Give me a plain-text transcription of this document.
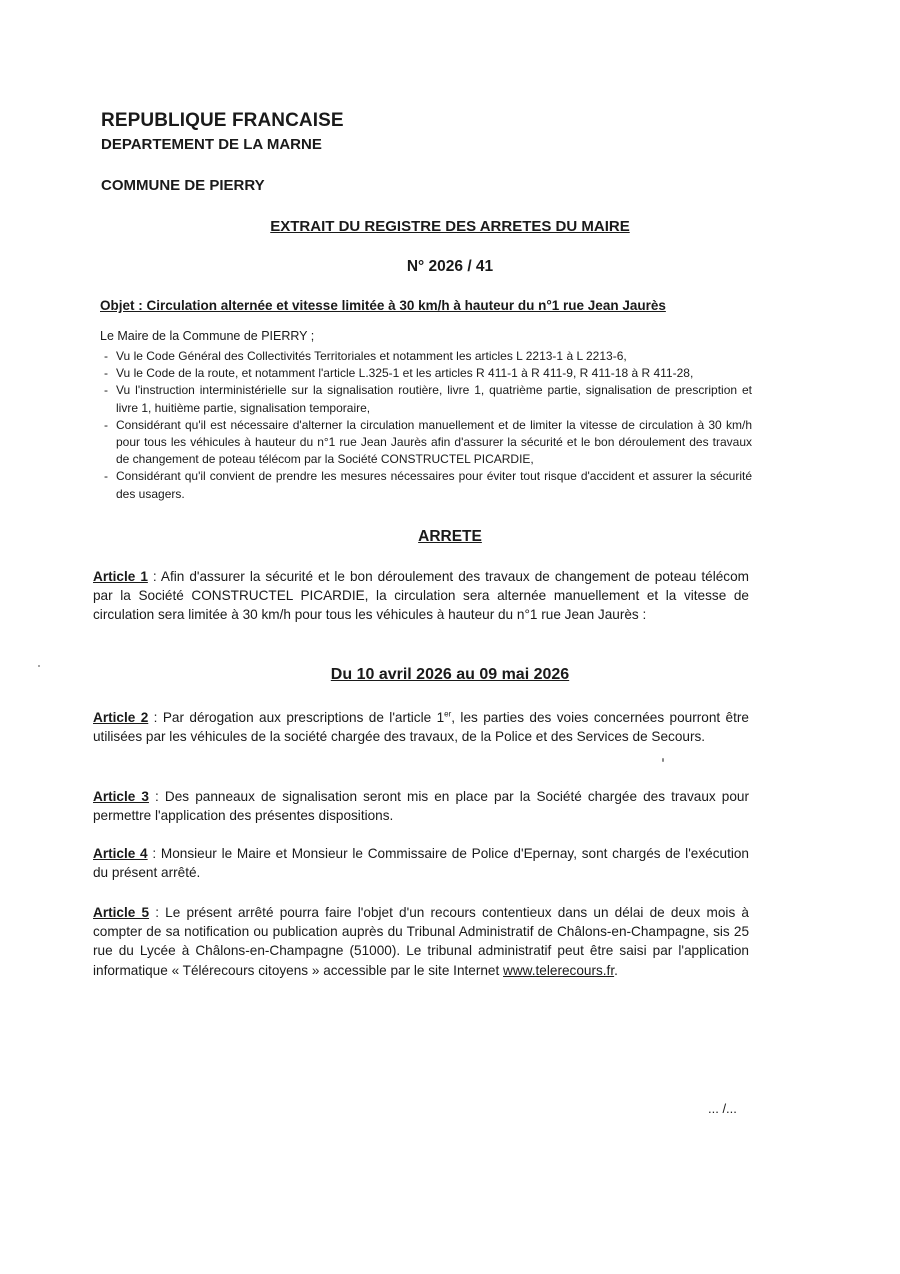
REPUBLIQUE FRANCAISE
DEPARTEMENT DE LA MARNE
COMMUNE DE PIERRY
EXTRAIT DU REGISTRE DES ARRETES DU MAIRE
N° 2026 / 41
Objet : Circulation alternée et vitesse limitée à 30 km/h à hauteur du n°1 rue Jean Jaurès
Le Maire de la Commune de PIERRY ;

- Vu le Code Général des Collectivités Territoriales et notamment les articles L 2213-1 à L 2213-6,

- Vu le Code de la route, et notamment l'article L.325-1 et les articles R 411-1 à R 411-9, R 411-18 à R 411-28,

- Vu l'instruction interministérielle sur la signalisation routière, livre 1, quatrième partie, signalisation de prescription et livre 1, huitième partie, signalisation temporaire,

- Considérant qu'il est nécessaire d'alterner la circulation manuellement et de limiter la vitesse de circulation à 30 km/h pour tous les véhicules à hauteur du n°1 rue Jean Jaurès afin d'assurer la sécurité et le bon déroulement des travaux de changement de poteau télécom par la Société CONSTRUCTEL PICARDIE,

- Considérant qu'il convient de prendre les mesures nécessaires pour éviter tout risque d'accident et assurer la sécurité des usagers.

ARRETE

Article 1 : Afin d'assurer la sécurité et le bon déroulement des travaux de changement de poteau télécom par la Société CONSTRUCTEL PICARDIE, la circulation sera alternée manuellement et la vitesse de circulation sera limitée à 30 km/h pour tous les véhicules à hauteur du n°1 rue Jean Jaurès :

Du 10 avril 2026 au 09 mai 2026

Article 2 : Par dérogation aux prescriptions de l'article 1er, les parties des voies concernées pourront être utilisées par les véhicules de la société chargée des travaux, de la Police et des Services de Secours.

Article 3 : Des panneaux de signalisation seront mis en place par la Société chargée des travaux pour permettre l'application des présentes dispositions.

Article 4 : Monsieur le Maire et Monsieur le Commissaire de Police d'Epernay, sont chargés de l'exécution du présent arrêté.

Article 5 : Le présent arrêté pourra faire l'objet d'un recours contentieux dans un délai de deux mois à compter de sa notification ou publication auprès du Tribunal Administratif de Châlons-en-Champagne, sis 25 rue du Lycée à Châlons-en-Champagne (51000). Le tribunal administratif peut être saisi par l'application informatique « Télérecours citoyens » accessible par le site Internet www.telerecours.fr.

... /...
